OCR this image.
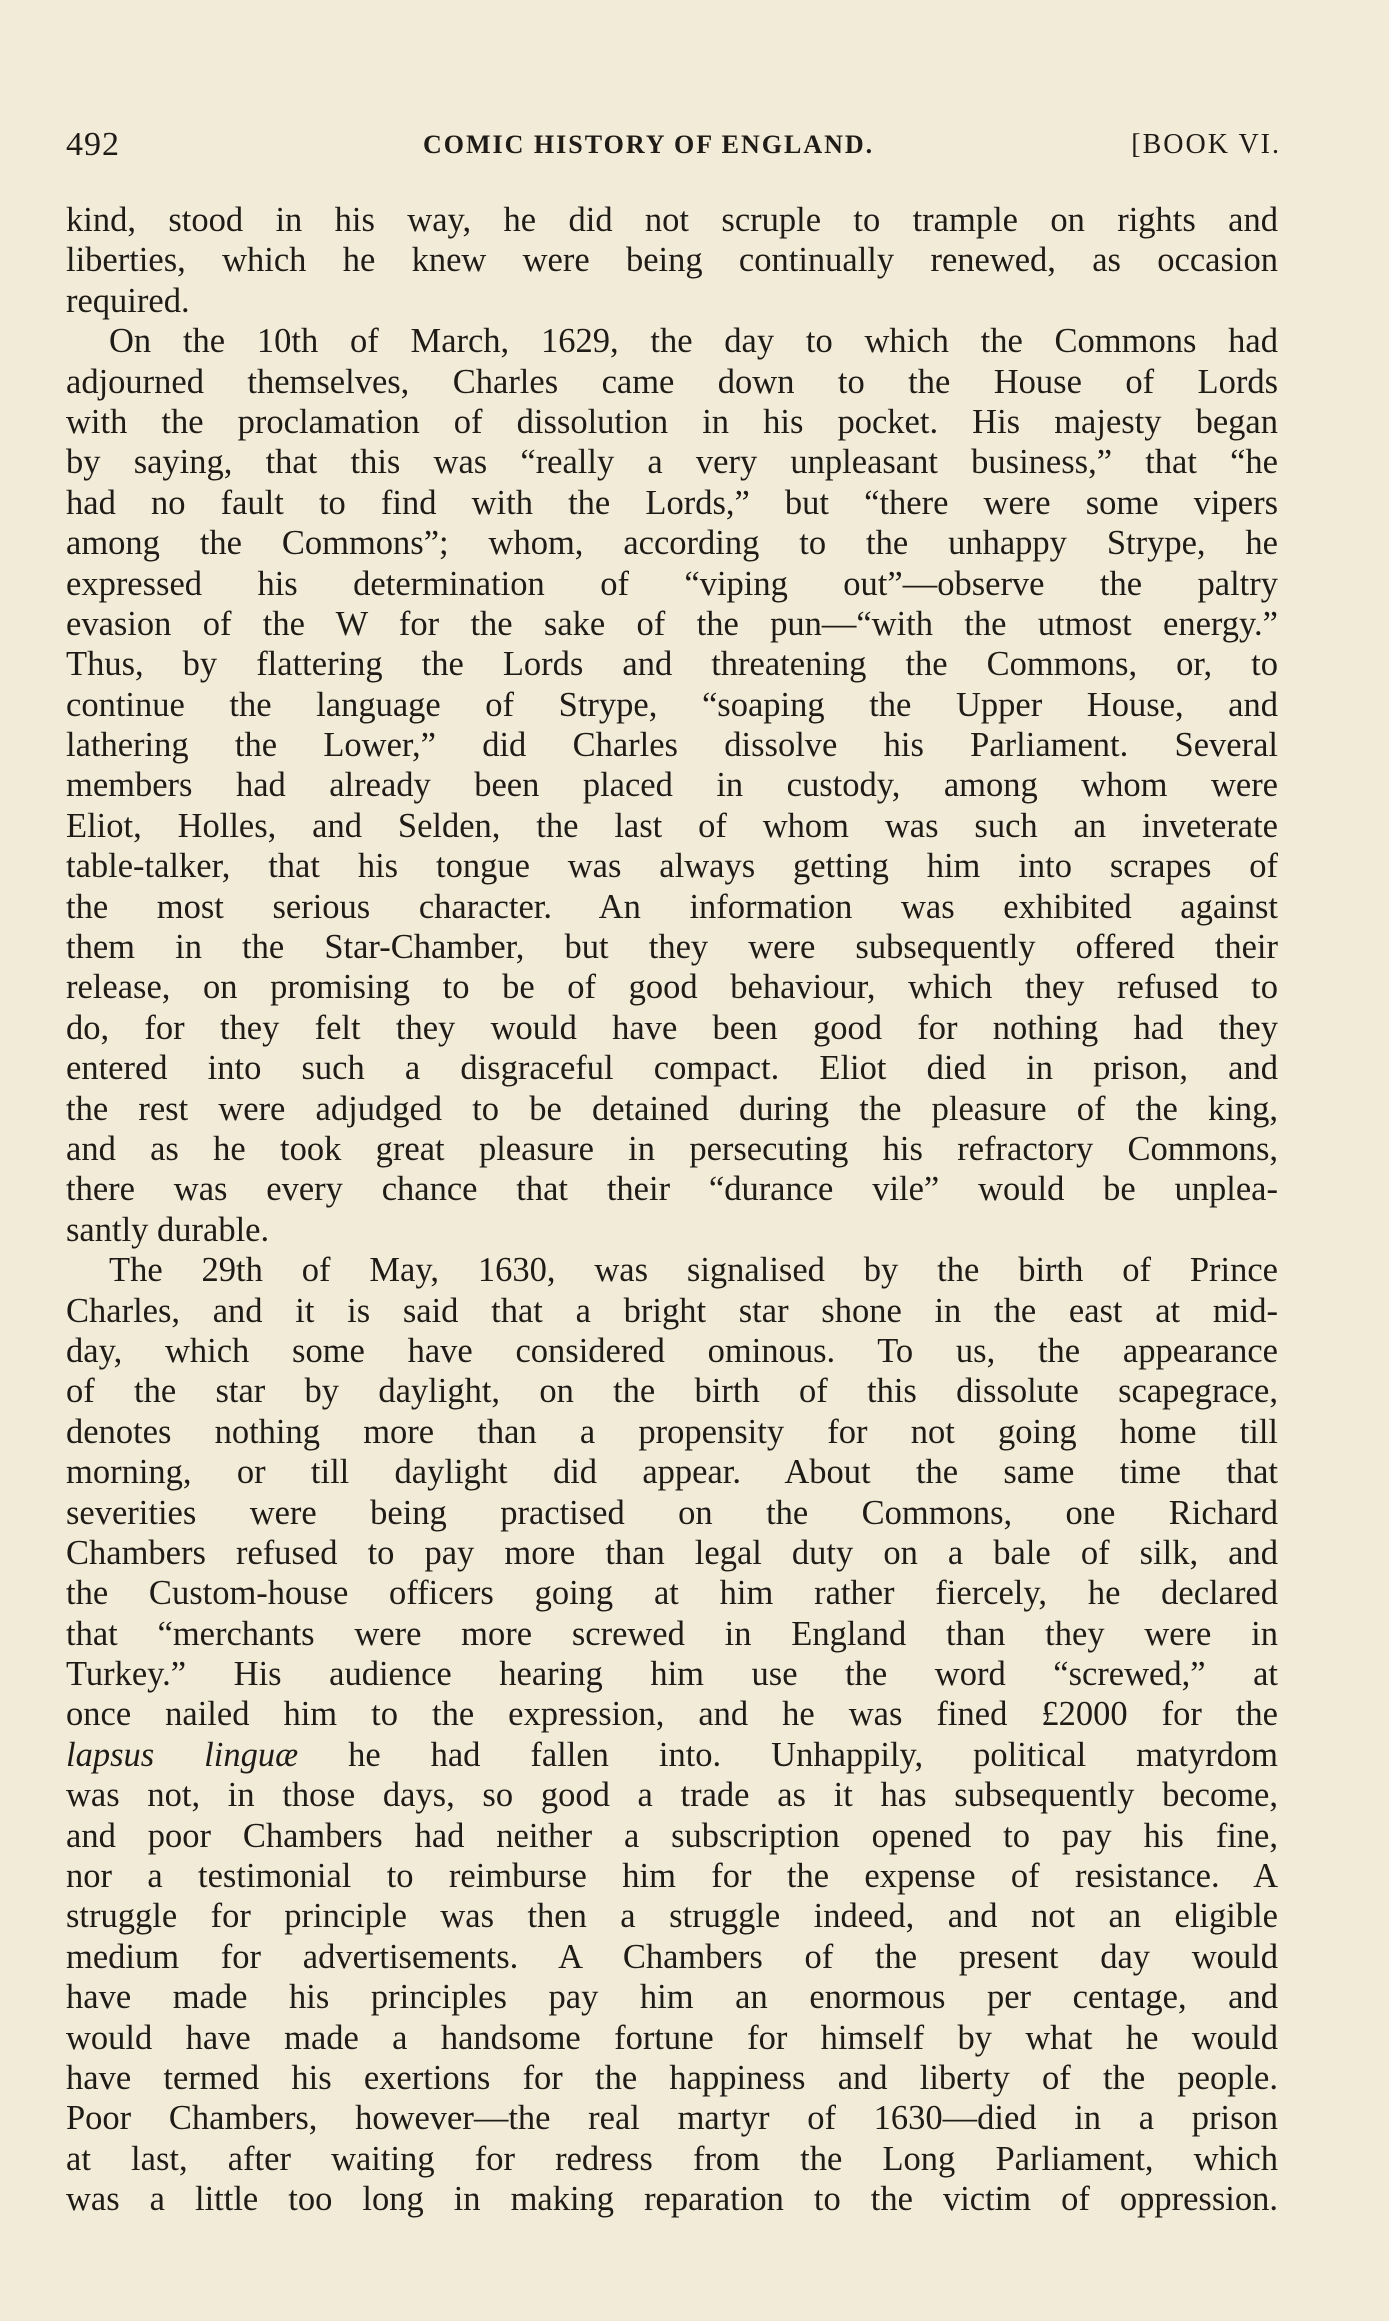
492	COMIC HISTORY OF ENGLAND.	[BOOK VI.
kind, stood in his way, he did not scruple to trample on rights and
liberties, which he knew were being continually renewed, as occasion
required.
On the 10th of March, 1629, the day to which the Commons had
adjourned themselves, Charles came down to the House of Lords
with the proclamation of dissolution in his pocket. His majesty began
by saying, that this was “really a very unpleasant business,” that “he
had no fault to find with the Lords,” but “there were some vipers
among the Commons”; whom, according to the unhappy Strype, he
expressed his determination of “viping out”—observe the paltry
evasion of the W for the sake of the pun—“with the utmost energy.”
Thus, by flattering the Lords and threatening the Commons, or, to
continue the language of Strype, “soaping the Upper House, and
lathering the Lower,” did Charles dissolve his Parliament. Several
members had already been placed in custody, among whom were
Eliot, Holles, and Selden, the last of whom was such an inveterate
table-talker, that his tongue was always getting him into scrapes of
the most serious character. An information was exhibited against
them in the Star-Chamber, but they were subsequently offered their
release, on promising to be of good behaviour, which they refused to
do, for they felt they would have been good for nothing had they
entered into such a disgraceful compact. Eliot died in prison, and
the rest were adjudged to be detained during the pleasure of the king,
and as he took great pleasure in persecuting his refractory Commons,
there was every chance that their “durance vile” would be unplea-
santly durable.
The 29th of May, 1630, was signalised by the birth of Prince
Charles, and it is said that a bright star shone in the east at mid-
day, which some have considered ominous. To us, the appearance
of the star by daylight, on the birth of this dissolute scapegrace,
denotes nothing more than a propensity for not going home till
morning, or till daylight did appear. About the same time that
severities were being practised on the Commons, one Richard
Chambers refused to pay more than legal duty on a bale of silk, and
the Custom-house officers going at him rather fiercely, he declared
that “merchants were more screwed in England than they were in
Turkey.” His audience hearing him use the word “screwed,” at
once nailed him to the expression, and he was fined £2000 for the
lapsus linguæ he had fallen into. Unhappily, political matyrdom
was not, in those days, so good a trade as it has subsequently become,
and poor Chambers had neither a subscription opened to pay his fine,
nor a testimonial to reimburse him for the expense of resistance. A
struggle for principle was then a struggle indeed, and not an eligible
medium for advertisements. A Chambers of the present day would
have made his principles pay him an enormous per centage, and
would have made a handsome fortune for himself by what he would
have termed his exertions for the happiness and liberty of the people.
Poor Chambers, however—the real martyr of 1630—died in a prison
at last, after waiting for redress from the Long Parliament, which
was a little too long in making reparation to the victim of oppression.
